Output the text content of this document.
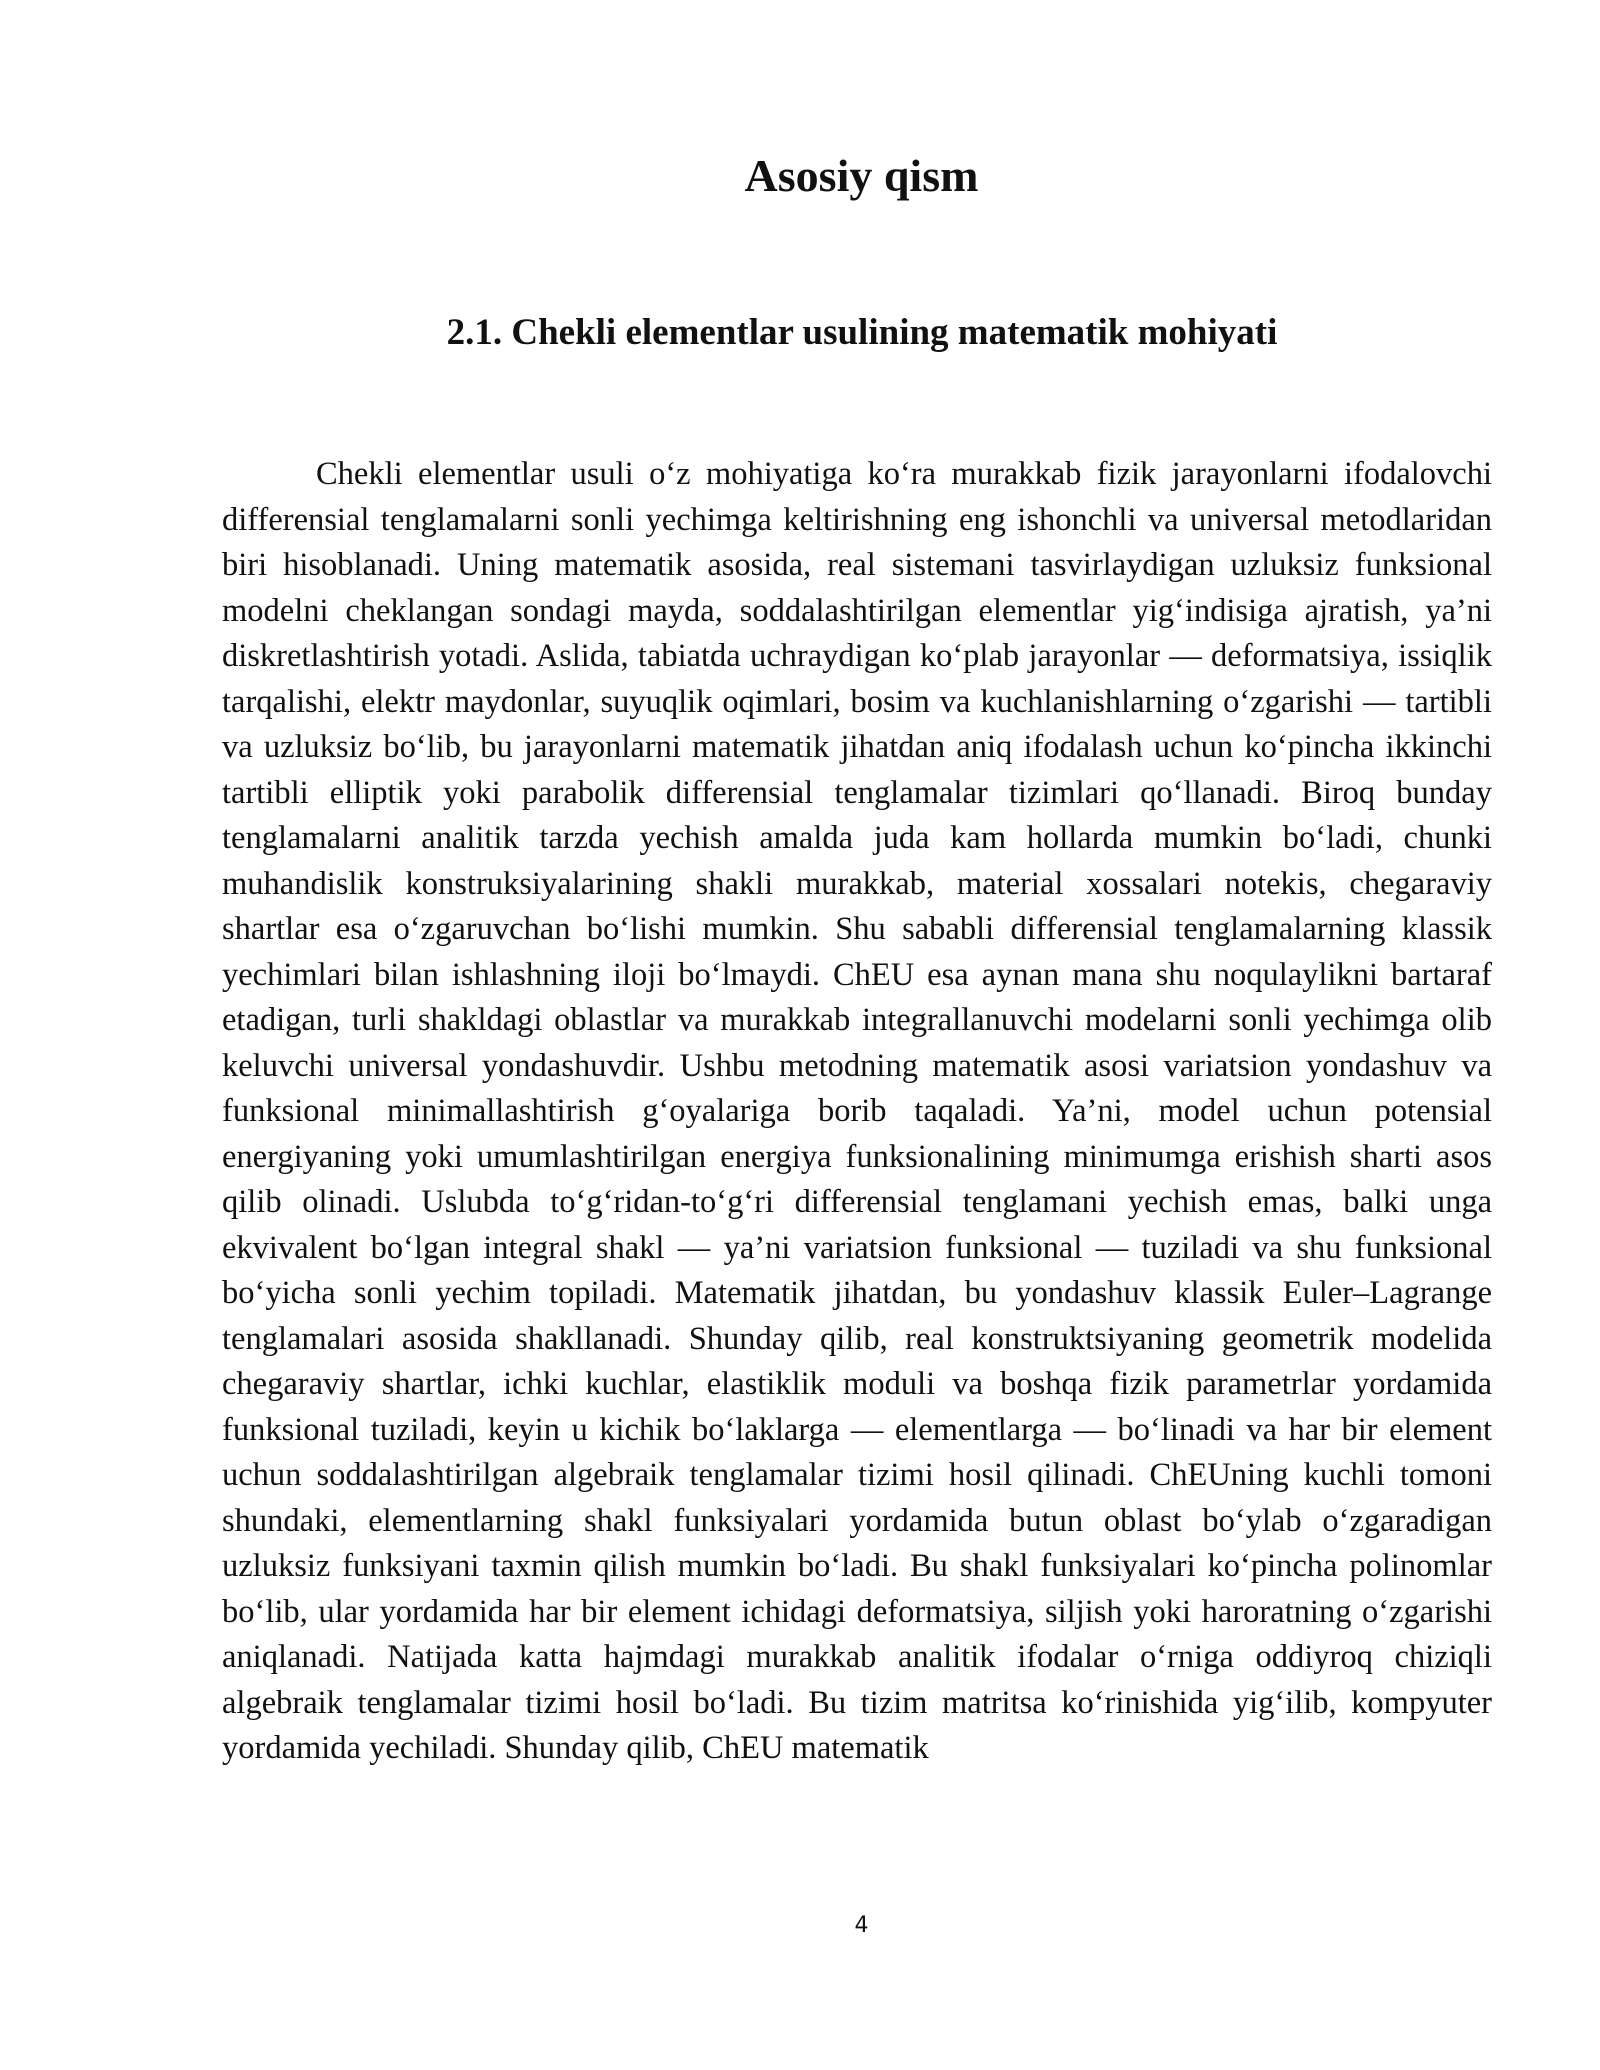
Asosiy qism
2.1. Chekli elementlar usulining matematik mohiyati

Chekli elementlar usuli o‘z mohiyatiga ko‘ra murakkab fizik jarayonlarni ifodalovchi differensial tenglamalarni sonli yechimga keltirishning eng ishonchli va universal metodlaridan biri hisoblanadi. Uning matematik asosida, real sistemani tasvirlaydigan uzluksiz funksional modelni cheklangan sondagi mayda, soddalashtirilgan elementlar yig‘indisiga ajratish, ya’ni diskretlashtirish yotadi. Aslida, tabiatda uchraydigan ko‘plab jarayonlar — deformatsiya, issiqlik tarqalishi, elektr maydonlar, suyuqlik oqimlari, bosim va kuchlanishlarning o‘zgarishi — tartibli va uzluksiz bo‘lib, bu jarayonlarni matematik jihatdan aniq ifodalash uchun ko‘pincha ikkinchi tartibli elliptik yoki parabolik differensial tenglamalar tizimlari qo‘llanadi. Biroq bunday tenglamalarni analitik tarzda yechish amalda juda kam hollarda mumkin bo‘ladi, chunki muhandislik konstruksiyalarining shakli murakkab, material xossalari notekis, chegaraviy shartlar esa o‘zgaruvchan bo‘lishi mumkin. Shu sababli differensial tenglamalarning klassik yechimlari bilan ishlashning iloji bo‘lmaydi. ChEU esa aynan mana shu noqulaylikni bartaraf etadigan, turli shakldagi oblastlar va murakkab integrallanuvchi modelarni sonli yechimga olib keluvchi universal yondashuvdir. Ushbu metodning matematik asosi variatsion yondashuv va funksional minimallashtirish g‘oyalariga borib taqaladi. Ya’ni, model uchun potensial energiyaning yoki umumlashtirilgan energiya funksionalining minimumga erishish sharti asos qilib olinadi. Uslubda to‘g‘ridan-to‘g‘ri differensial tenglamani yechish emas, balki unga ekvivalent bo‘lgan integral shakl — ya’ni variatsion funksional — tuziladi va shu funksional bo‘yicha sonli yechim topiladi. Matematik jihatdan, bu yondashuv klassik Euler–Lagrange tenglamalari asosida shakllanadi. Shunday qilib, real konstruktsiyaning geometrik modelida chegaraviy shartlar, ichki kuchlar, elastiklik moduli va boshqa fizik parametrlar yordamida funksional tuziladi, keyin u kichik bo‘laklarga — elementlarga — bo‘linadi va har bir element uchun soddalashtirilgan algebraik tenglamalar tizimi hosil qilinadi. ChEUning kuchli tomoni shundaki, elementlarning shakl funksiyalari yordamida butun oblast bo‘ylab o‘zgaradigan uzluksiz funksiyani taxmin qilish mumkin bo‘ladi. Bu shakl funksiyalari ko‘pincha polinomlar bo‘lib, ular yordamida har bir element ichidagi deformatsiya, siljish yoki haroratning o‘zgarishi aniqlanadi. Natijada katta hajmdagi murakkab analitik ifodalar o‘rniga oddiyroq chiziqli algebraik tenglamalar tizimi hosil bo‘ladi. Bu tizim matritsa ko‘rinishida yig‘ilib, kompyuter yordamida yechiladi. Shunday qilib, ChEU matematik

4
